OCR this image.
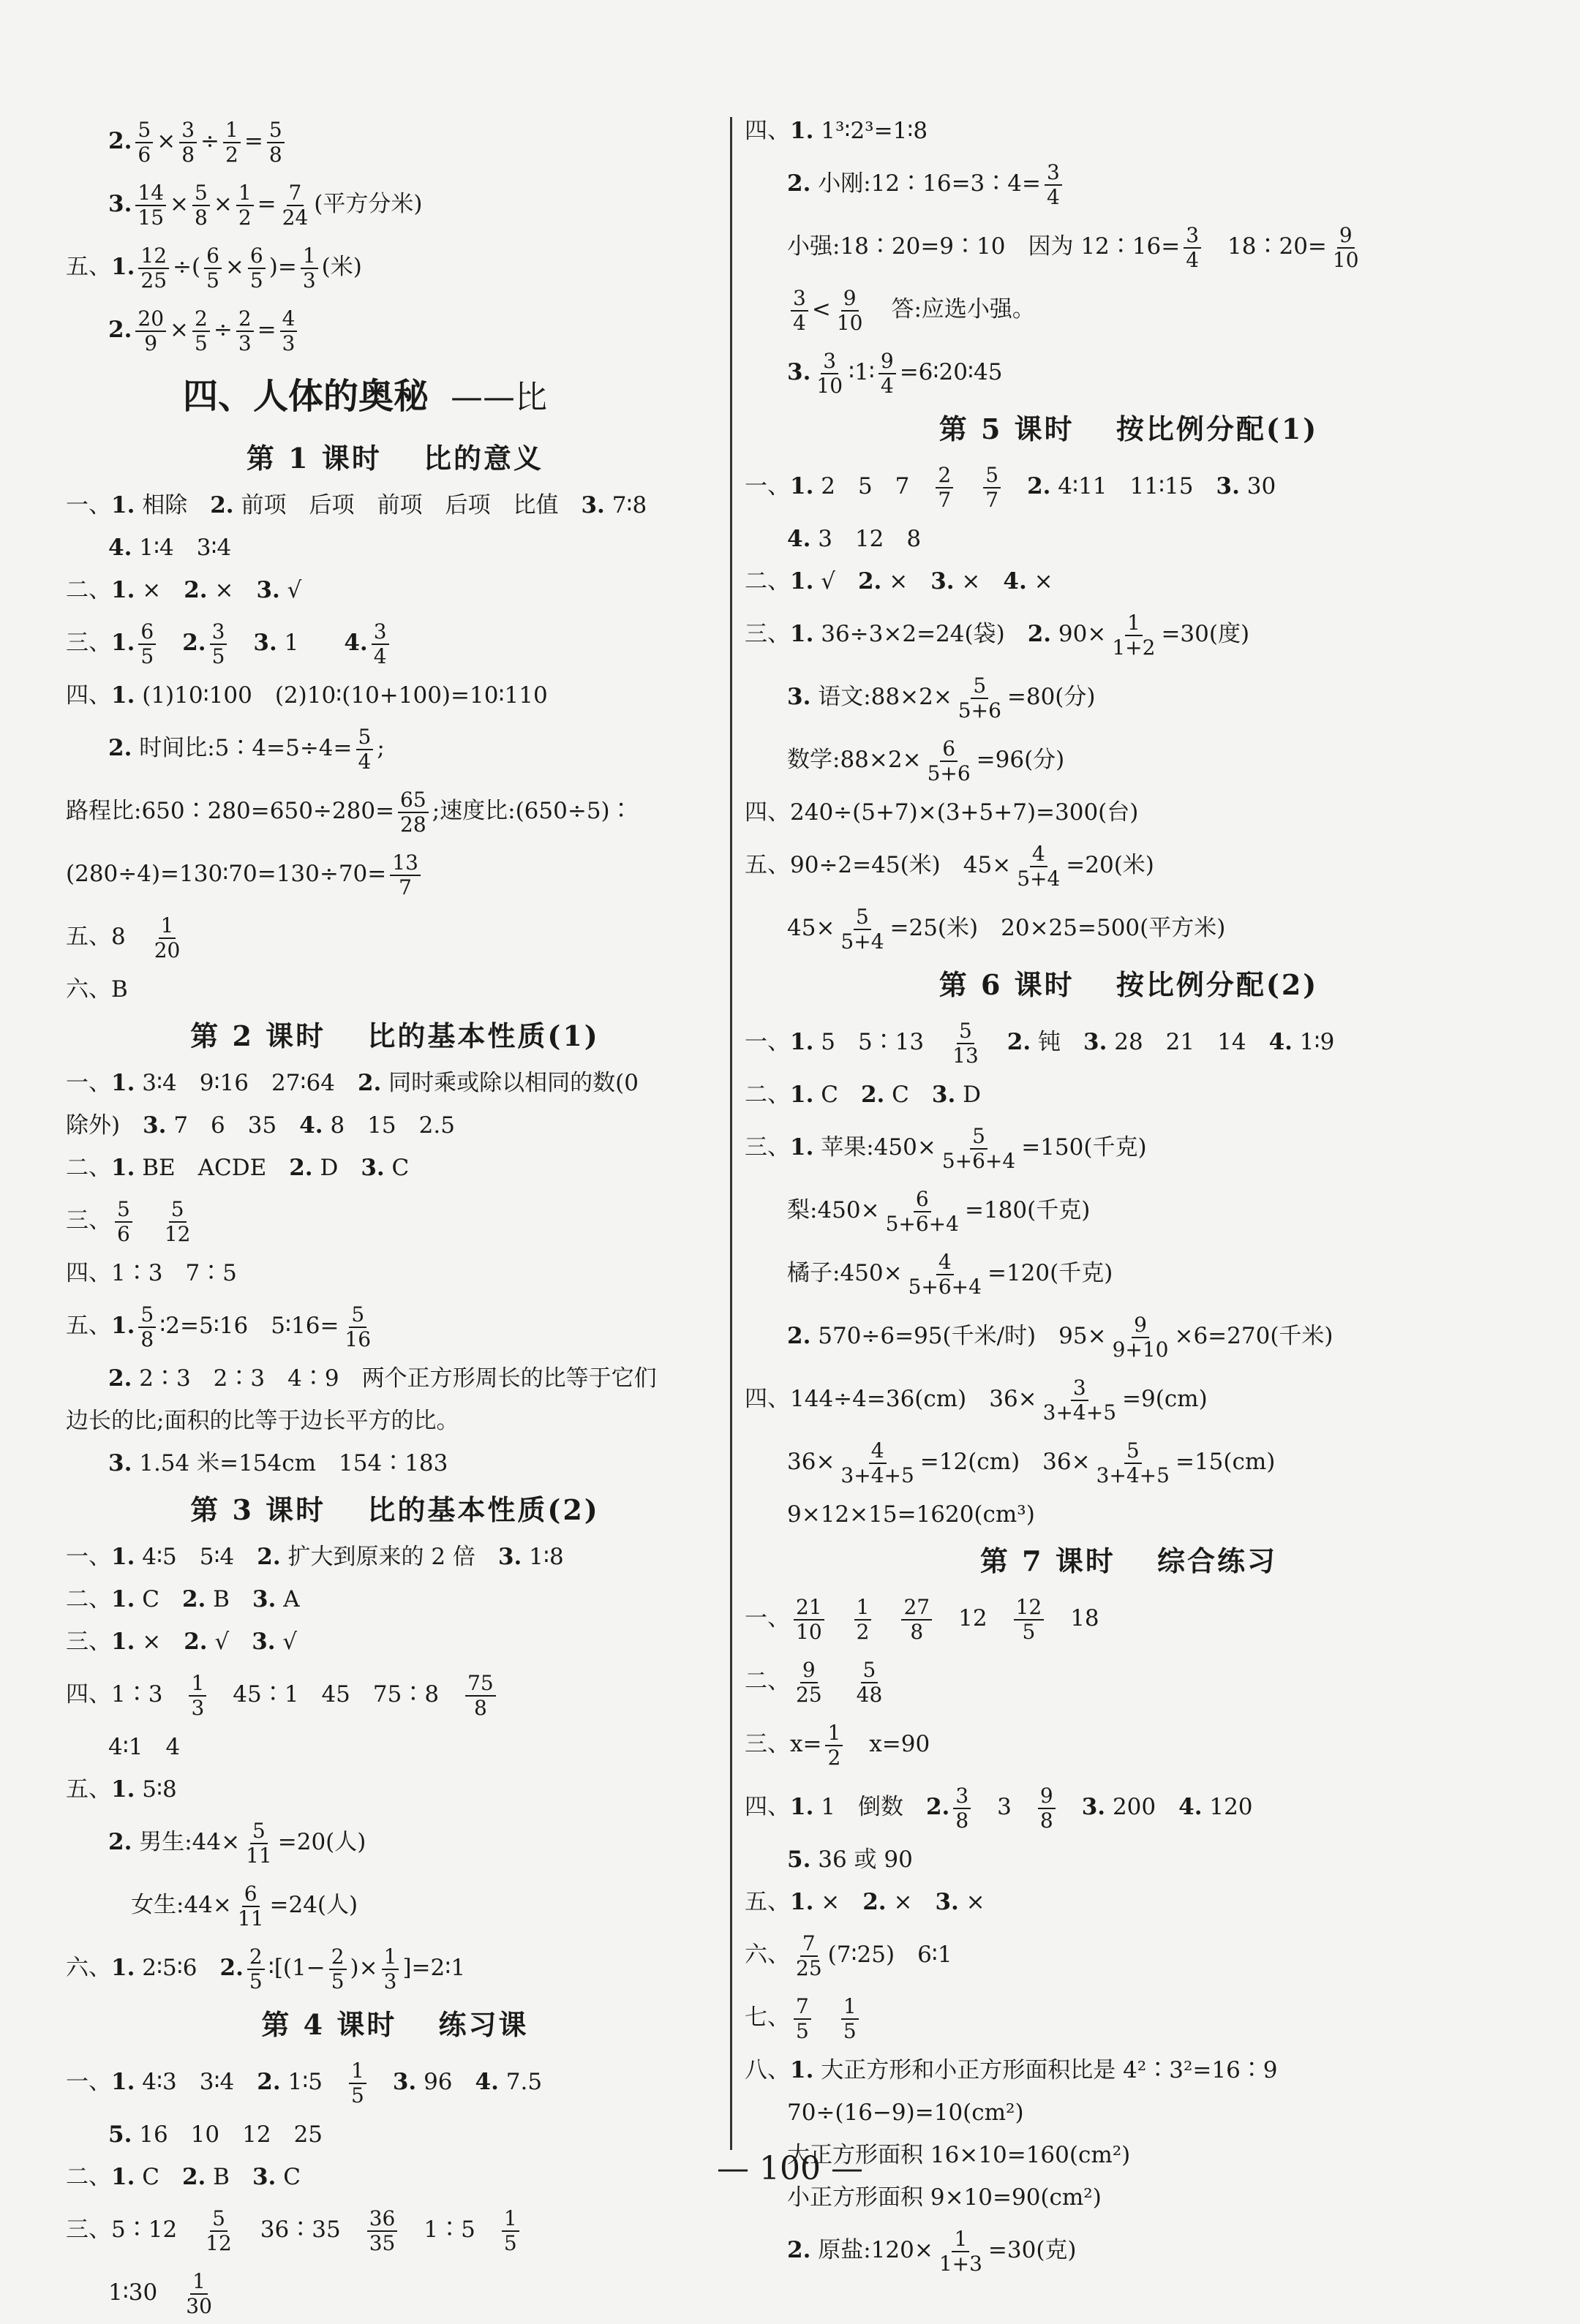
2. $\frac{5}{6} \times \frac{3}{8} \div \frac{1}{2} = \frac{5}{8}$
3. $\frac{14}{15} \times \frac{5}{8} \times \frac{1}{2} = \frac{7}{24}$ (平方分米)
五、1. $\frac{12}{25}$ ÷( $\frac{6}{5} \times \frac{6}{5}$ )= $\frac{1}{3}$ (米)
2. $\frac{20}{9} \times \frac{2}{5} \div \frac{2}{3} = \frac{4}{3}$
四、人体的奥秘 ——比
第 1 课时　 比的意义
一、1. 相除　2. 前项　后项　前项　后项　比值　3. 7∶8
4. 1∶4　3∶4
二、1. ×　2. ×　3. √
三、1. $\frac{6}{5}$
　 2. $\frac{3}{5}$
　 3. 1　　4. $\frac{3}{4}$
四、1. (1)10∶100　(2)10∶(10+100)=10∶110
2. 时间比:5∶4=5÷4= $\frac{5}{4}$ ;
路程比:650∶280=650÷280= $\frac{65}{28}$ ;速度比:(650÷5)∶
(280÷4)=130∶70=130÷70= $\frac{13}{7}$
五、8　 $\frac{1}{20}$
六、B
第 2 课时　 比的基本性质(1)
一、1. 3∶4　9∶16　27∶64　2. 同时乘或除以相同的数(0
除外)　3. 7　6　35　4. 8　15　2.5
二、1. BE　ACDE　2. D　3. C
三、 $\frac{5}{6}$
　 $\frac{5}{12}$
四、1∶3　7∶5
五、1. $\frac{5}{8}$ ∶2=5∶16　5∶16= $\frac{5}{16}$
2. 2∶3　2∶3　4∶9　两个正方形周长的比等于它们
边长的比;面积的比等于边长平方的比。
3. 1.54 米=154cm　154∶183
第 3 课时　 比的基本性质(2)
一、1. 4∶5　5∶4　2. 扩大到原来的 2 倍　3. 1∶8
二、1. C　2. B　3. A
三、1. ×　2. √　3. √
四、1∶3　 $\frac{1}{3}$ 　45∶1　45　75∶8　 $\frac{75}{8}$
4∶1　4
五、1. 5∶8
2. 男生:44× $\frac{5}{11} =20$(人)
　女生:44× $\frac{6}{11} =24$(人)
六、1. 2∶5∶6　2. $\frac{2}{5}$ ∶[(1− $\frac{2}{5}$ )× $\frac{1}{3}$ ]=2∶1
第 4 课时　 练习课
一、1. 4∶3　3∶4　2. 1∶5　 $\frac{1}{5}$
　 3. 96　4. 7.5
5. 16　10　12　25
二、1. C　2. B　3. C
三、5∶12　 $\frac{5}{12}$ 　36∶35　 $\frac{36}{35}$ 　1∶5　 $\frac{1}{5}$
1∶30　 $\frac{1}{30}$
四、1. 1³∶2³=1∶8
2. 小刚:12∶16=3∶4= $\frac{3}{4}$
小强:18∶20=9∶10　因为 12∶16= $\frac{3}{4}$ 　18∶20= $\frac{9}{10}$
$\frac{3}{4} < \frac{9}{10}$ 　答:应选小强。
3. $\frac{3}{10}$ ∶1∶ $\frac{9}{4}$ =6∶20∶45
第 5 课时　 按比例分配(1)
一、1. 2　5　7　 $\frac{2}{7}$
　 $\frac{5}{7}$
　 2. 4∶11　11∶15　3. 30
4. 3　12　8
二、1. √　2. ×　3. ×　4. ×
三、1. 36÷3×2=24(袋)　2. $90\times \frac{1}{1+2} =30$(度)
3. 语文:88×2× $\frac{5}{5+6} =80$(分)
数学:88×2× $\frac{6}{5+6} =96$(分)
四、240÷(5+7)×(3+5+7)=300(台)
五、90÷2=45(米)　$45\times \frac{4}{5+4} =20$(米)
$45\times \frac{5}{5+4} =25$(米)　20×25=500(平方米)
第 6 课时　 按比例分配(2)
一、1. 5　5∶13　 $\frac{5}{13}$
　 2. 钝　3. 28　21　14　4. 1∶9
二、1. C　2. C　3. D
三、1. 苹果:450× $\frac{5}{5+6+4} =150$(千克)
梨:450× $\frac{6}{5+6+4} =180$(千克)
橘子:450× $\frac{4}{5+6+4} =120$(千克)
2. 570÷6=95(千米/时)　$95\times \frac{9}{9+10} \times 6=270$(千米)
四、144÷4=36(cm)　$36\times \frac{3}{3+4+5} =9(cm)$
$36\times \frac{4}{3+4+5} =12(cm)$　$36\times \frac{5}{3+4+5} =15(cm)$
9×12×15=1620(cm³)
第 7 课时　 综合练习
一、 $\frac{21}{10}$
　 $\frac{1}{2}$
　 $\frac{27}{8}$ 　12　 $\frac{12}{5}$ 　18
二、 $\frac{9}{25}$
　 $\frac{5}{48}$
三、$x= \frac{1}{2}$ 　x=90
四、1. 1　倒数　2. $\frac{3}{8}$ 　3　 $\frac{9}{8}$
　 3. 200　4. 120
5. 36 或 90
五、1. ×　2. ×　3. ×
六、 $\frac{7}{25}$ (7∶25)　6∶1
七、 $\frac{7}{5}$
　 $\frac{1}{5}$
八、1. 大正方形和小正方形面积比是 4²∶3²=16∶9
70÷(16−9)=10(cm²)
大正方形面积 16×10=160(cm²)
小正方形面积 9×10=90(cm²)
2. 原盐:120× $\frac{1}{1+3} =30$(克)
— 100 —
